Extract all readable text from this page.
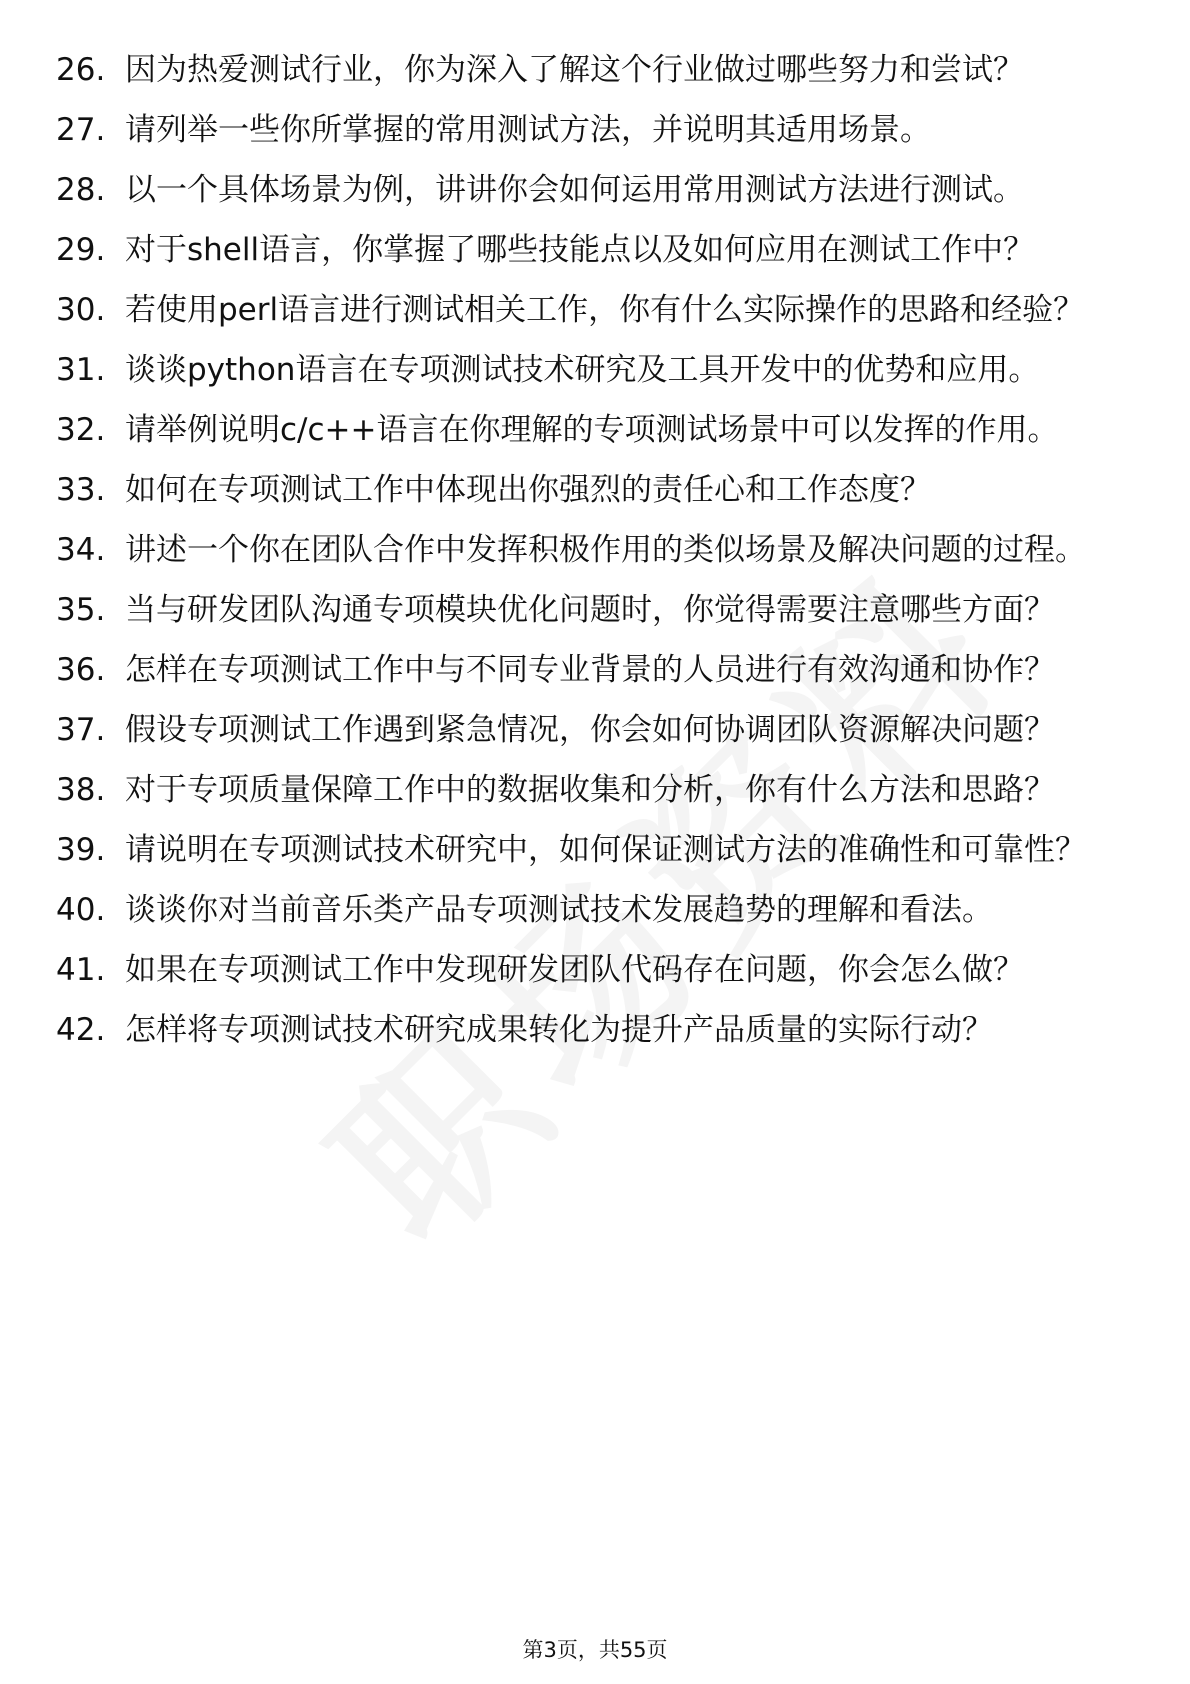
26. 因为热爱测试行业，你为深入了解这个行业做过哪些努力和尝试？
27. 请列举一些你所掌握的常用测试方法，并说明其适用场景。
28. 以一个具体场景为例，讲讲你会如何运用常用测试方法进行测试。
29. 对于shell语言，你掌握了哪些技能点以及如何应用在测试工作中？
30. 若使用perl语言进行测试相关工作，你有什么实际操作的思路和经验？
31. 谈谈python语言在专项测试技术研究及工具开发中的优势和应用。
32. 请举例说明c/c++语言在你理解的专项测试场景中可以发挥的作用。
33. 如何在专项测试工作中体现出你强烈的责任心和工作态度？
34. 讲述一个你在团队合作中发挥积极作用的类似场景及解决问题的过程。
35. 当与研发团队沟通专项模块优化问题时，你觉得需要注意哪些方面？
36. 怎样在专项测试工作中与不同专业背景的人员进行有效沟通和协作？
37. 假设专项测试工作遇到紧急情况，你会如何协调团队资源解决问题？
38. 对于专项质量保障工作中的数据收集和分析，你有什么方法和思路？
39. 请说明在专项测试技术研究中，如何保证测试方法的准确性和可靠性？
40. 谈谈你对当前音乐类产品专项测试技术发展趋势的理解和看法。
41. 如果在专项测试工作中发现研发团队代码存在问题，你会怎么做？
42. 怎样将专项测试技术研究成果转化为提升产品质量的实际行动？
第3页，共55页
